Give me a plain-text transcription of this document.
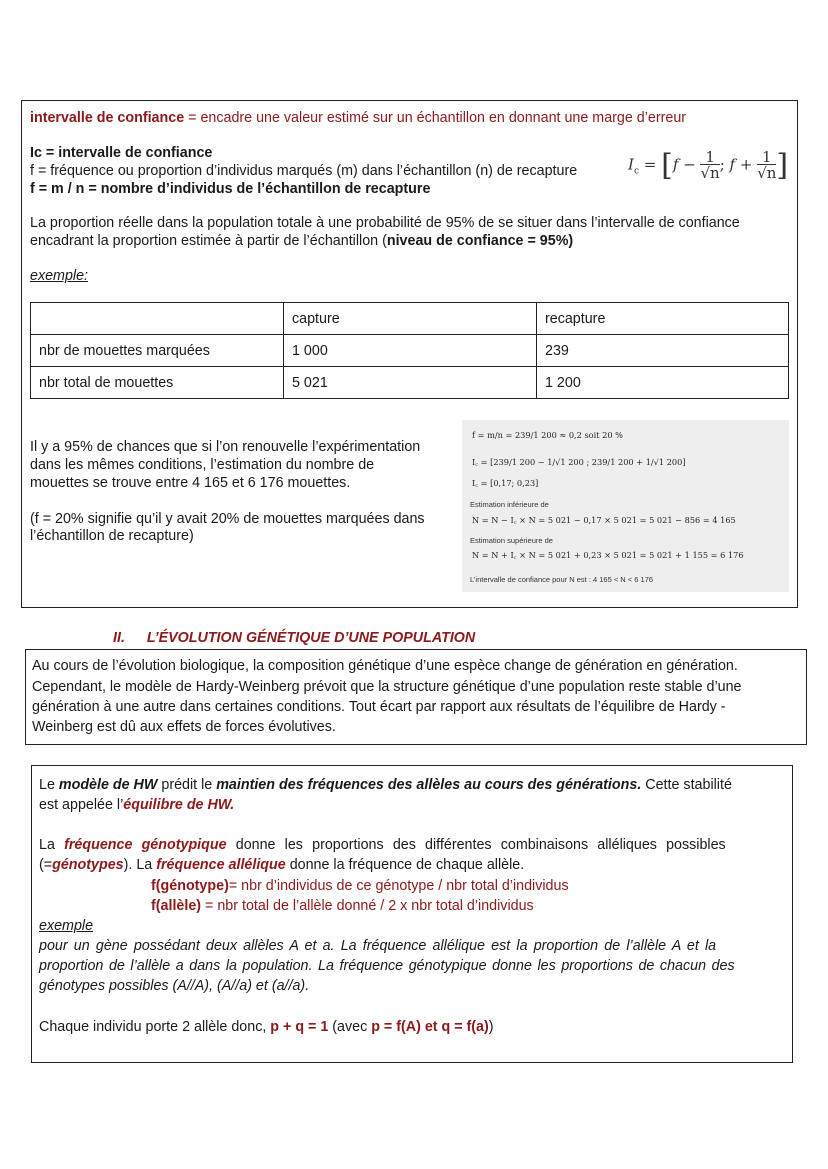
intervalle de confiance = encadre une valeur estimé sur un échantillon en donnant une marge d’erreur
Ic = intervalle de confiance
f = fréquence ou proportion d’individus marqués (m) dans l’échantillon (n) de recapture
f = m / n = nombre d’individus de l’échantillon de recapture
$I_c = [f - \frac{1}{√n}$ ; $f + \frac{1}{√n}$ ]
La proportion réelle dans la population totale à une probabilité de 95% de se situer dans l’intervalle de confiance
encadrant la proportion estimée à partir de l’échantillon (niveau de confiance = 95%)
exemple:
	capture	recapture
nbr de mouettes marquées	1 000	239
nbr total de mouettes	5 021	1 200
Il y a 95% de chances que si l’on renouvelle l’expérimentation
dans les mêmes conditions, l’estimation du nombre de
mouettes se trouve entre 4 165 et 6 176 mouettes.
(f = 20% signifie qu’il y avait 20% de mouettes marquées dans
l’échantillon de recapture)
f = m/n = 239/1 200 ≈ 0,2 soit 20 %
I꜀ = [239/1 200 − 1/√1 200 ; 239/1 200 + 1/√1 200]
I꜀ = [0,17; 0,23]
Estimation inférieure de
N = N − I꜀ × N = 5 021 − 0,17 × 5 021 = 5 021 − 856 = 4 165
Estimation supérieure de
N = N + I꜀ × N = 5 021 + 0,23 × 5 021 = 5 021 + 1 155 = 6 176
L’intervalle de confiance pour N est : 4 165 < N < 6 176
II. L’ÉVOLUTION GÉNÉTIQUE D’UNE POPULATION
Au cours de l’évolution biologique, la composition génétique d’une espèce change de génération en génération.
Cependant, le modèle de Hardy-Weinberg prévoit que la structure génétique d’une population reste stable d’une
génération à une autre dans certaines conditions. Tout écart par rapport aux résultats de l’équilibre de Hardy -
Weinberg est dû aux effets de forces évolutives.
Le modèle de HW prédit le maintien des fréquences des allèles au cours des générations. Cette stabilité
est appelée l’équilibre de HW.
La fréquence génotypique donne les proportions des différentes combinaisons alléliques possibles
(=génotypes). La fréquence allélique donne la fréquence de chaque allèle.
f(génotype)= nbr d’individus de ce génotype / nbr total d’individus
f(allèle) = nbr total de l’allèle donné / 2 x nbr total d’individus
exemple
pour un gène possédant deux allèles A et a. La fréquence allélique est la proportion de l’allèle A et la
proportion de l’allèle a dans la population. La fréquence génotypique donne les proportions de chacun des
génotypes possibles (A//A), (A//a) et (a//a).
Chaque individu porte 2 allèle donc, p + q = 1 (avec p = f(A) et q = f(a))
